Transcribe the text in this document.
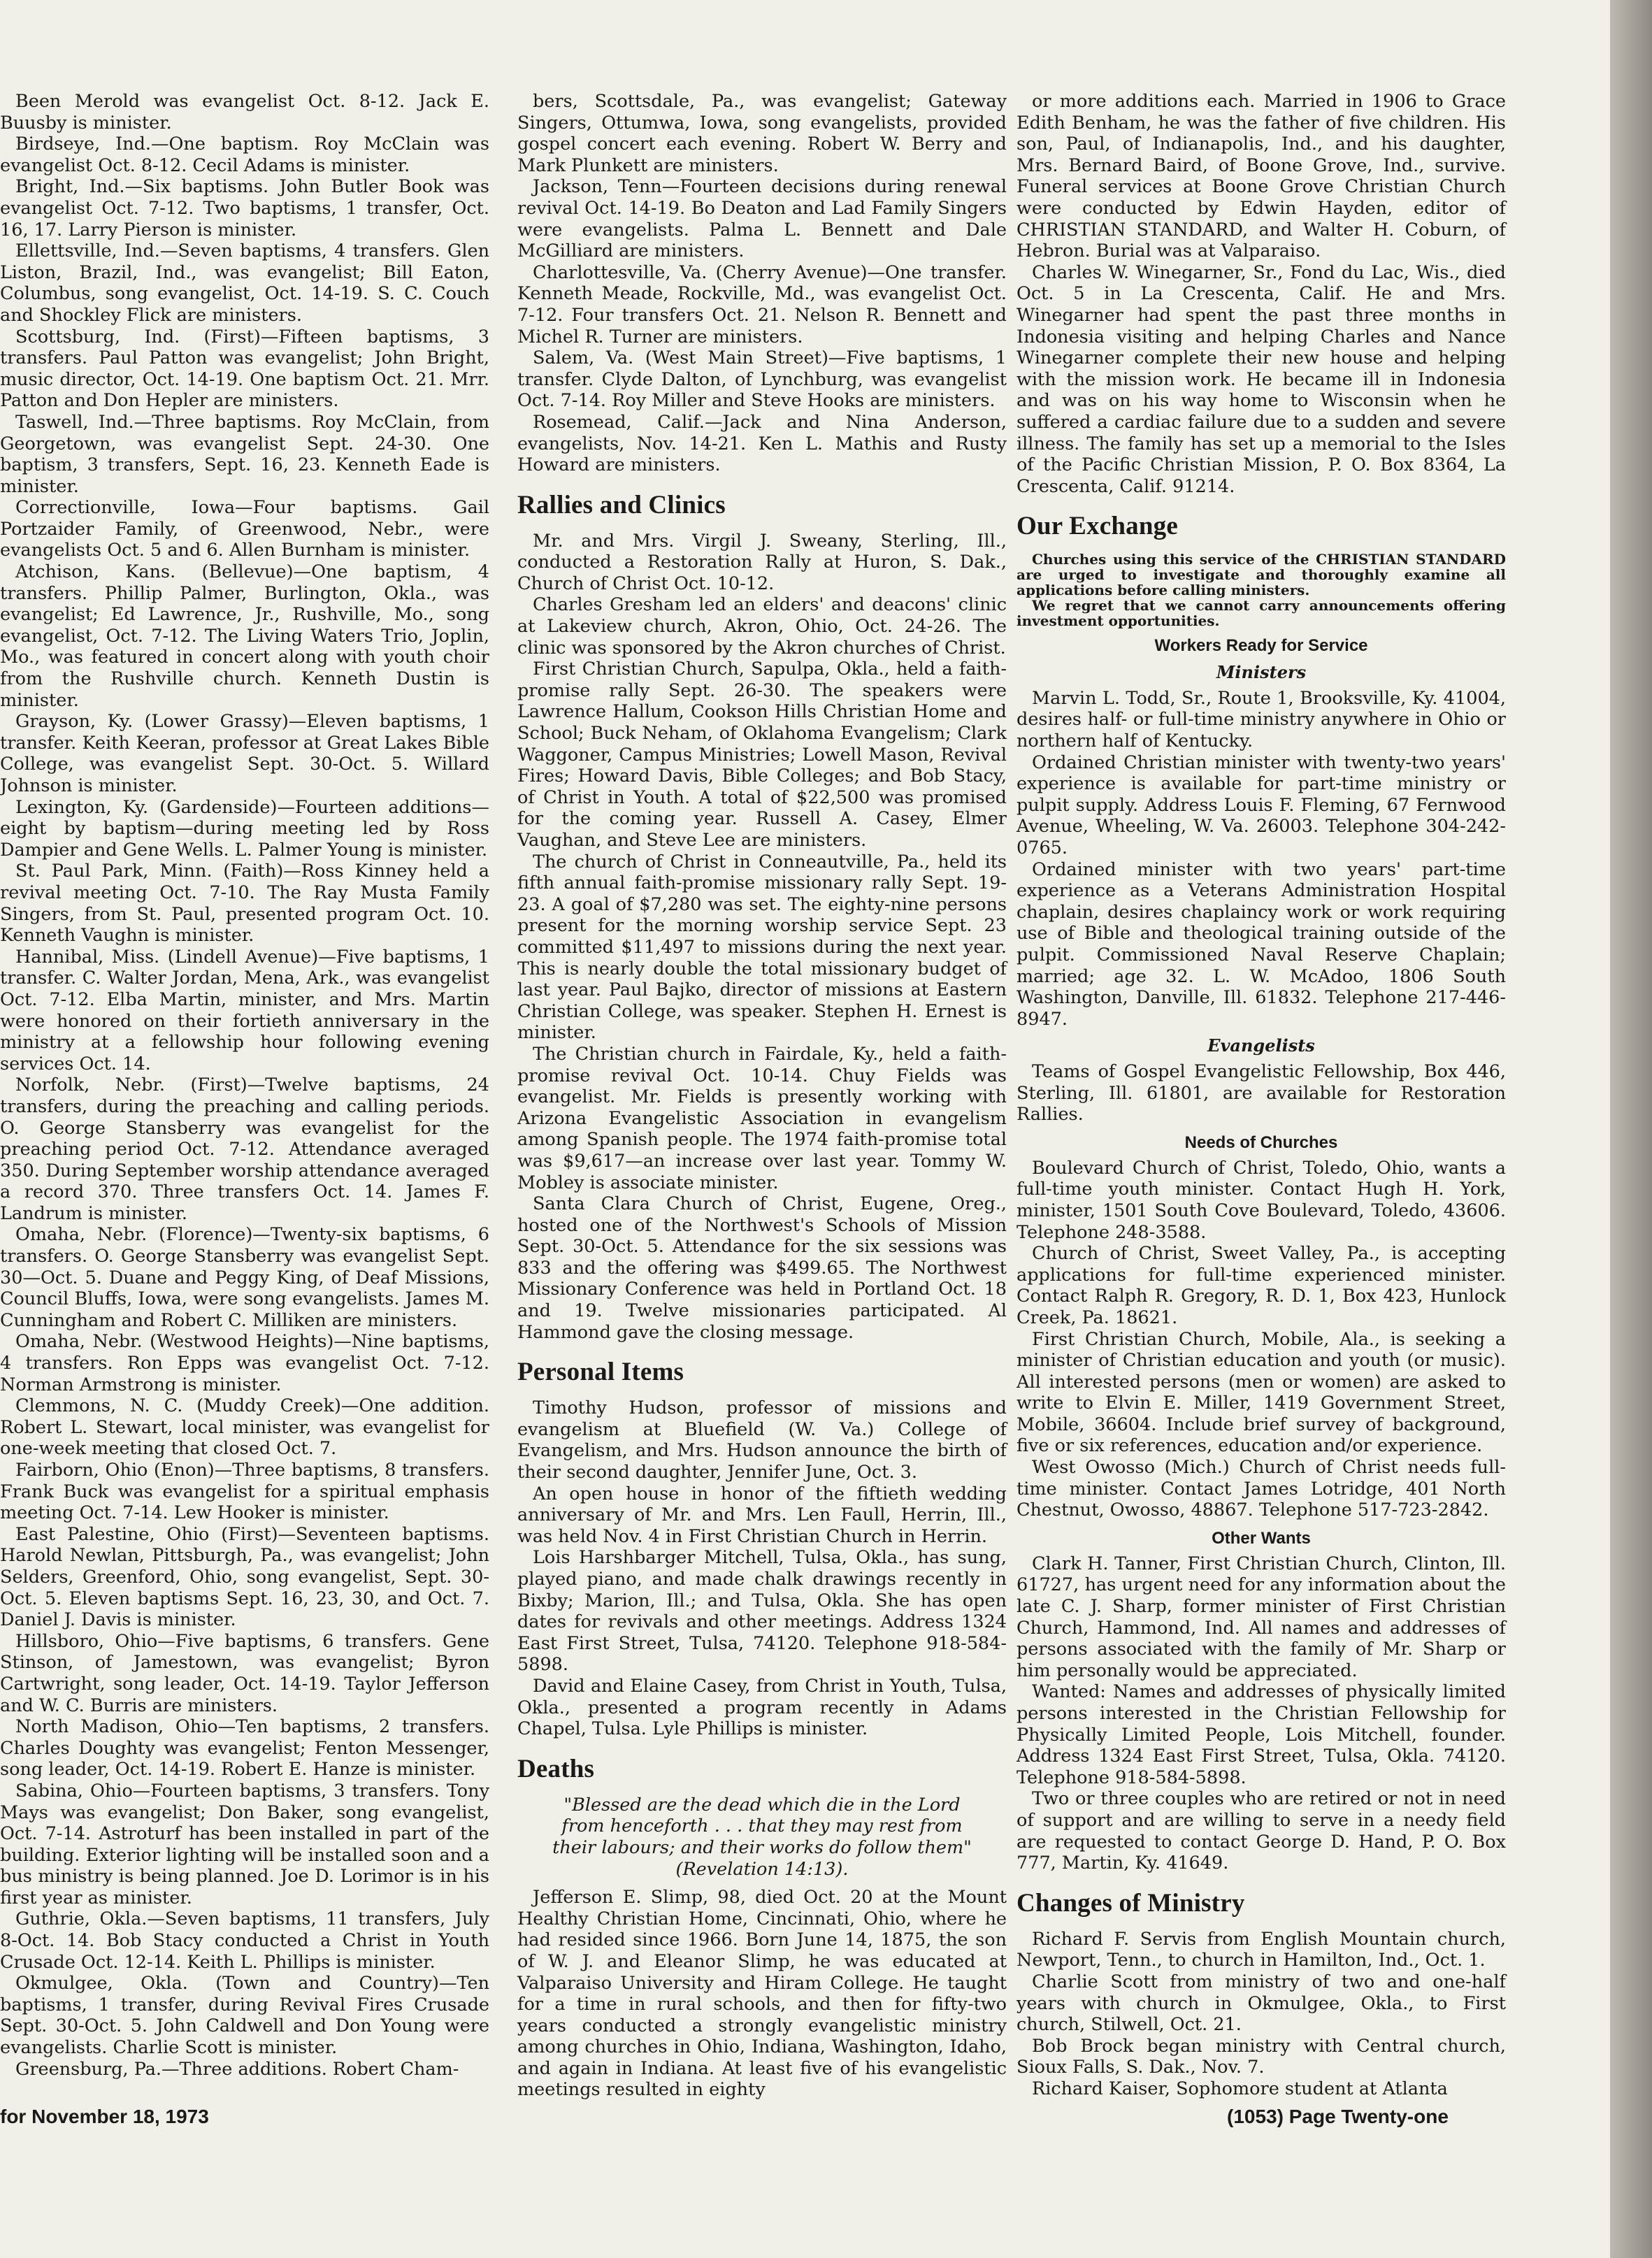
Been Merold was evangelist Oct. 8-12. Jack E. Buusby is minister.

Birdseye, Ind.—One baptism. Roy McClain was evangelist Oct. 8-12. Cecil Adams is minister.

Bright, Ind.—Six baptisms. John Butler Book was evangelist Oct. 7-12. Two baptisms, 1 transfer, Oct. 16, 17. Larry Pierson is minister.

Ellettsville, Ind.—Seven baptisms, 4 transfers. Glen Liston, Brazil, Ind., was evangelist; Bill Eaton, Columbus, song evangelist, Oct. 14-19. S. C. Couch and Shockley Flick are ministers.

Scottsburg, Ind. (First)—Fifteen baptisms, 3 transfers. Paul Patton was evangelist; John Bright, music director, Oct. 14-19. One baptism Oct. 21. Mrr. Patton and Don Hepler are ministers.

Taswell, Ind.—Three baptisms. Roy McClain, from Georgetown, was evangelist Sept. 24-30. One baptism, 3 transfers, Sept. 16, 23. Kenneth Eade is minister.

Correctionville, Iowa—Four baptisms. Gail Portzaider Family, of Greenwood, Nebr., were evangelists Oct. 5 and 6. Allen Burnham is minister.

Atchison, Kans. (Bellevue)—One baptism, 4 transfers. Phillip Palmer, Burlington, Okla., was evangelist; Ed Lawrence, Jr., Rushville, Mo., song evangelist, Oct. 7-12. The Living Waters Trio, Joplin, Mo., was featured in concert along with youth choir from the Rushville church. Kenneth Dustin is minister.

Grayson, Ky. (Lower Grassy)—Eleven baptisms, 1 transfer. Keith Keeran, professor at Great Lakes Bible College, was evangelist Sept. 30-Oct. 5. Willard Johnson is minister.

Lexington, Ky. (Gardenside)—Fourteen additions—eight by baptism—during meeting led by Ross Dampier and Gene Wells. L. Palmer Young is minister.

St. Paul Park, Minn. (Faith)—Ross Kinney held a revival meeting Oct. 7-10. The Ray Musta Family Singers, from St. Paul, presented program Oct. 10. Kenneth Vaughn is minister.

Hannibal, Miss. (Lindell Avenue)—Five baptisms, 1 transfer. C. Walter Jordan, Mena, Ark., was evangelist Oct. 7-12. Elba Martin, minister, and Mrs. Martin were honored on their fortieth anniversary in the ministry at a fellowship hour following evening services Oct. 14.

Norfolk, Nebr. (First)—Twelve baptisms, 24 transfers, during the preaching and calling periods. O. George Stansberry was evangelist for the preaching period Oct. 7-12. Attendance averaged 350. During September worship attendance averaged a record 370. Three transfers Oct. 14. James F. Landrum is minister.

Omaha, Nebr. (Florence)—Twenty-six baptisms, 6 transfers. O. George Stansberry was evangelist Sept. 30—Oct. 5. Duane and Peggy King, of Deaf Missions, Council Bluffs, Iowa, were song evangelists. James M. Cunningham and Robert C. Milliken are ministers.

Omaha, Nebr. (Westwood Heights)—Nine baptisms, 4 transfers. Ron Epps was evangelist Oct. 7-12. Norman Armstrong is minister.

Clemmons, N. C. (Muddy Creek)—One addition. Robert L. Stewart, local minister, was evangelist for one-week meeting that closed Oct. 7.

Fairborn, Ohio (Enon)—Three baptisms, 8 transfers. Frank Buck was evangelist for a spiritual emphasis meeting Oct. 7-14. Lew Hooker is minister.

East Palestine, Ohio (First)—Seventeen baptisms. Harold Newlan, Pittsburgh, Pa., was evangelist; John Selders, Greenford, Ohio, song evangelist, Sept. 30-Oct. 5. Eleven baptisms Sept. 16, 23, 30, and Oct. 7. Daniel J. Davis is minister.

Hillsboro, Ohio—Five baptisms, 6 transfers. Gene Stinson, of Jamestown, was evangelist; Byron Cartwright, song leader, Oct. 14-19. Taylor Jefferson and W. C. Burris are ministers.

North Madison, Ohio—Ten baptisms, 2 transfers. Charles Doughty was evangelist; Fenton Messenger, song leader, Oct. 14-19. Robert E. Hanze is minister.

Sabina, Ohio—Fourteen baptisms, 3 transfers. Tony Mays was evangelist; Don Baker, song evangelist, Oct. 7-14. Astroturf has been installed in part of the building. Exterior lighting will be installed soon and a bus ministry is being planned. Joe D. Lorimor is in his first year as minister.

Guthrie, Okla.—Seven baptisms, 11 transfers, July 8-Oct. 14. Bob Stacy conducted a Christ in Youth Crusade Oct. 12-14. Keith L. Phillips is minister.

Okmulgee, Okla. (Town and Country)—Ten baptisms, 1 transfer, during Revival Fires Crusade Sept. 30-Oct. 5. John Caldwell and Don Young were evangelists. Charlie Scott is minister.

Greensburg, Pa.—Three additions. Robert Cham-

bers, Scottsdale, Pa., was evangelist; Gateway Singers, Ottumwa, Iowa, song evangelists, provided gospel concert each evening. Robert W. Berry and Mark Plunkett are ministers.

Jackson, Tenn—Fourteen decisions during renewal revival Oct. 14-19. Bo Deaton and Lad Family Singers were evangelists. Palma L. Bennett and Dale McGilliard are ministers.

Charlottesville, Va. (Cherry Avenue)—One transfer. Kenneth Meade, Rockville, Md., was evangelist Oct. 7-12. Four transfers Oct. 21. Nelson R. Bennett and Michel R. Turner are ministers.

Salem, Va. (West Main Street)—Five baptisms, 1 transfer. Clyde Dalton, of Lynchburg, was evangelist Oct. 7-14. Roy Miller and Steve Hooks are ministers.

Rosemead, Calif.—Jack and Nina Anderson, evangelists, Nov. 14-21. Ken L. Mathis and Rusty Howard are ministers.

Rallies and Clinics

Mr. and Mrs. Virgil J. Sweany, Sterling, Ill., conducted a Restoration Rally at Huron, S. Dak., Church of Christ Oct. 10-12.

Charles Gresham led an elders' and deacons' clinic at Lakeview church, Akron, Ohio, Oct. 24-26. The clinic was sponsored by the Akron churches of Christ.

First Christian Church, Sapulpa, Okla., held a faith-promise rally Sept. 26-30. The speakers were Lawrence Hallum, Cookson Hills Christian Home and School; Buck Neham, of Oklahoma Evangelism; Clark Waggoner, Campus Ministries; Lowell Mason, Revival Fires; Howard Davis, Bible Colleges; and Bob Stacy, of Christ in Youth. A total of $22,500 was promised for the coming year. Russell A. Casey, Elmer Vaughan, and Steve Lee are ministers.

The church of Christ in Conneautville, Pa., held its fifth annual faith-promise missionary rally Sept. 19-23. A goal of $7,280 was set. The eighty-nine persons present for the morning worship service Sept. 23 committed $11,497 to missions during the next year. This is nearly double the total missionary budget of last year. Paul Bajko, director of missions at Eastern Christian College, was speaker. Stephen H. Ernest is minister.

The Christian church in Fairdale, Ky., held a faith-promise revival Oct. 10-14. Chuy Fields was evangelist. Mr. Fields is presently working with Arizona Evangelistic Association in evangelism among Spanish people. The 1974 faith-promise total was $9,617—an increase over last year. Tommy W. Mobley is associate minister.

Santa Clara Church of Christ, Eugene, Oreg., hosted one of the Northwest's Schools of Mission Sept. 30-Oct. 5. Attendance for the six sessions was 833 and the offering was $499.65. The Northwest Missionary Conference was held in Portland Oct. 18 and 19. Twelve missionaries participated. Al Hammond gave the closing message.

Personal Items

Timothy Hudson, professor of missions and evangelism at Bluefield (W. Va.) College of Evangelism, and Mrs. Hudson announce the birth of their second daughter, Jennifer June, Oct. 3.

An open house in honor of the fiftieth wedding anniversary of Mr. and Mrs. Len Faull, Herrin, Ill., was held Nov. 4 in First Christian Church in Herrin.

Lois Harshbarger Mitchell, Tulsa, Okla., has sung, played piano, and made chalk drawings recently in Bixby; Marion, Ill.; and Tulsa, Okla. She has open dates for revivals and other meetings. Address 1324 East First Street, Tulsa, 74120. Telephone 918-584-5898.

David and Elaine Casey, from Christ in Youth, Tulsa, Okla., presented a program recently in Adams Chapel, Tulsa. Lyle Phillips is minister.

Deaths

"Blessed are the dead which die in the Lord from henceforth . . . that they may rest from their labours; and their works do follow them" (Revelation 14:13).

Jefferson E. Slimp, 98, died Oct. 20 at the Mount Healthy Christian Home, Cincinnati, Ohio, where he had resided since 1966. Born June 14, 1875, the son of W. J. and Eleanor Slimp, he was educated at Valparaiso University and Hiram College. He taught for a time in rural schools, and then for fifty-two years conducted a strongly evangelistic ministry among churches in Ohio, Indiana, Washington, Idaho, and again in Indiana. At least five of his evangelistic meetings resulted in eighty

or more additions each. Married in 1906 to Grace Edith Benham, he was the father of five children. His son, Paul, of Indianapolis, Ind., and his daughter, Mrs. Bernard Baird, of Boone Grove, Ind., survive. Funeral services at Boone Grove Christian Church were conducted by Edwin Hayden, editor of CHRISTIAN STANDARD, and Walter H. Coburn, of Hebron. Burial was at Valparaiso.

Charles W. Winegarner, Sr., Fond du Lac, Wis., died Oct. 5 in La Crescenta, Calif. He and Mrs. Winegarner had spent the past three months in Indonesia visiting and helping Charles and Nance Winegarner complete their new house and helping with the mission work. He became ill in Indonesia and was on his way home to Wisconsin when he suffered a cardiac failure due to a sudden and severe illness. The family has set up a memorial to the Isles of the Pacific Christian Mission, P. O. Box 8364, La Crescenta, Calif. 91214.

Our Exchange

Churches using this service of the CHRISTIAN STANDARD are urged to investigate and thoroughly examine all applications before calling ministers.

We regret that we cannot carry announcements offering investment opportunities.

Workers Ready for Service
Ministers

Marvin L. Todd, Sr., Route 1, Brooksville, Ky. 41004, desires half- or full-time ministry anywhere in Ohio or northern half of Kentucky.

Ordained Christian minister with twenty-two years' experience is available for part-time ministry or pulpit supply. Address Louis F. Fleming, 67 Fernwood Avenue, Wheeling, W. Va. 26003. Telephone 304-242-0765.

Ordained minister with two years' part-time experience as a Veterans Administration Hospital chaplain, desires chaplaincy work or work requiring use of Bible and theological training outside of the pulpit. Commissioned Naval Reserve Chaplain; married; age 32. L. W. McAdoo, 1806 South Washington, Danville, Ill. 61832. Telephone 217-446-8947.

Evangelists

Teams of Gospel Evangelistic Fellowship, Box 446, Sterling, Ill. 61801, are available for Restoration Rallies.

Needs of Churches

Boulevard Church of Christ, Toledo, Ohio, wants a full-time youth minister. Contact Hugh H. York, minister, 1501 South Cove Boulevard, Toledo, 43606. Telephone 248-3588.

Church of Christ, Sweet Valley, Pa., is accepting applications for full-time experienced minister. Contact Ralph R. Gregory, R. D. 1, Box 423, Hunlock Creek, Pa. 18621.

First Christian Church, Mobile, Ala., is seeking a minister of Christian education and youth (or music). All interested persons (men or women) are asked to write to Elvin E. Miller, 1419 Government Street, Mobile, 36604. Include brief survey of background, five or six references, education and/or experience.

West Owosso (Mich.) Church of Christ needs full-time minister. Contact James Lotridge, 401 North Chestnut, Owosso, 48867. Telephone 517-723-2842.

Other Wants

Clark H. Tanner, First Christian Church, Clinton, Ill. 61727, has urgent need for any information about the late C. J. Sharp, former minister of First Christian Church, Hammond, Ind. All names and addresses of persons associated with the family of Mr. Sharp or him personally would be appreciated.

Wanted: Names and addresses of physically limited persons interested in the Christian Fellowship for Physically Limited People, Lois Mitchell, founder. Address 1324 East First Street, Tulsa, Okla. 74120. Telephone 918-584-5898.

Two or three couples who are retired or not in need of support and are willing to serve in a needy field are requested to contact George D. Hand, P. O. Box 777, Martin, Ky. 41649.

Changes of Ministry

Richard F. Servis from English Mountain church, Newport, Tenn., to church in Hamilton, Ind., Oct. 1.

Charlie Scott from ministry of two and one-half years with church in Okmulgee, Okla., to First church, Stilwell, Oct. 21.

Bob Brock began ministry with Central church, Sioux Falls, S. Dak., Nov. 7.

Richard Kaiser, Sophomore student at Atlanta

for November 18, 1973	(1053) Page Twenty-one
